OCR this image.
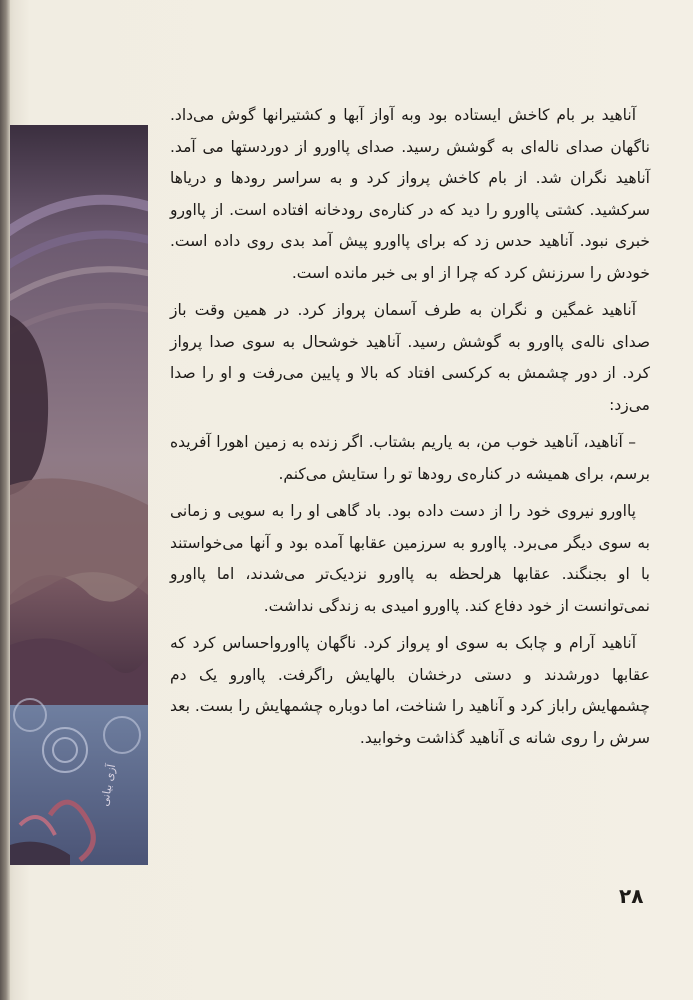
آزی بیانی

آناهید بر بام کاخش ایستاده بود وبه آواز آبها و کشتیرانها گوش می‌داد. ناگهان صدای ناله‌ای به گوشش رسید. صدای پااورو از دوردستها می آمد. آناهید نگران شد. از بام کاخش پرواز کرد و به سراسر رودها و دریاها سرکشید. کشتی پااورو را دید که در کناره‌ی رودخانه افتاده است. از پااورو خبری نبود. آناهید حدس زد که برای پااورو پیش آمد بدی روی داده است. خودش را سرزنش کرد که چرا از او بی خبر مانده است.

آناهید غمگین و نگران به طرف آسمان پرواز کرد. در همین وقت باز صدای ناله‌ی پااورو به گوشش رسید. آناهید خوشحال به سوی صدا پرواز کرد. از دور چشمش به کرکسی افتاد که بالا و پایین می‌رفت و او را صدا می‌زد:

– آناهید، آناهید خوب من، به یاریم بشتاب. اگر زنده به زمین اهورا آفریده برسم، برای همیشه در کناره‌ی رودها تو را ستایش می‌کنم.

پااورو نیروی خود را از دست داده بود. باد گاهی او را به سویی و زمانی به سوی دیگر می‌برد. پااورو به سرزمین عقابها آمده بود و آنها می‌خواستند با او بجنگند. عقابها هرلحظه به پااورو نزدیک‌تر می‌شدند، اما پااورو نمی‌توانست از خود دفاع کند. پااورو امیدی به زندگی نداشت.

آناهید آرام و چابک به سوی او پرواز کرد. ناگهان پااورواحساس کرد که عقابها دورشدند و دستی درخشان بالهایش راگرفت. پااورو یک دم چشمهایش راباز کرد و آناهید را شناخت، اما دوباره چشمهایش را بست. بعد سرش را روی شانه ی آناهید گذاشت وخوابید.

۲۸
